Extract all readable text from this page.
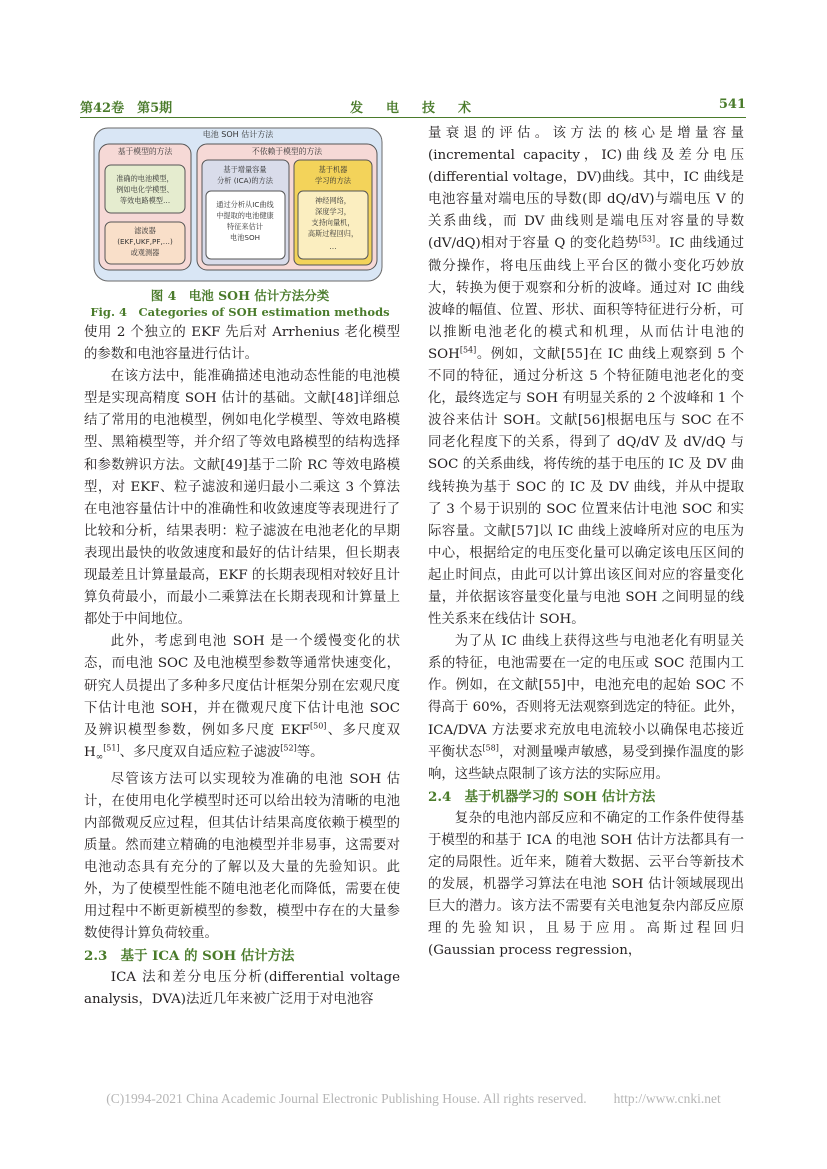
第42卷　第5期	发　电　技　术	541
电池 SOH 估计方法
基于模型的方法
准确的电池模型，
例如电化学模型、
等效电路模型…
滤波器
(EKF,UKF,PF,…)
或观测器
不依赖于模型的方法
基于增量容量
分析 (ICA)的方法
通过分析从IC曲线
中提取的电池健康
特征来估计
电池SOH
基于机器
学习的方法
神经网络，
深度学习，
支持向量机，
高斯过程回归，
…
图 4　电池 SOH 估计方法分类
Fig. 4　Categories of SOH estimation methods

使用 2 个独立的 EKF 先后对 Arrhenius 老化模型的参数和电池容量进行估计。

在该方法中，能准确描述电池动态性能的电池模型是实现高精度 SOH 估计的基础。文献[48]详细总结了常用的电池模型，例如电化学模型、等效电路模型、黑箱模型等，并介绍了等效电路模型的结构选择和参数辨识方法。文献[49]基于二阶 RC 等效电路模型，对 EKF、粒子滤波和递归最小二乘这 3 个算法在电池容量估计中的准确性和收敛速度等表现进行了比较和分析，结果表明：粒子滤波在电池老化的早期表现出最快的收敛速度和最好的估计结果，但长期表现最差且计算量最高，EKF 的长期表现相对较好且计算负荷最小，而最小二乘算法在长期表现和计算量上都处于中间地位。

此外，考虑到电池 SOH 是一个缓慢变化的状态，而电池 SOC 及电池模型参数等通常快速变化，研究人员提出了多种多尺度估计框架分别在宏观尺度下估计电池 SOH，并在微观尺度下估计电池 SOC 及辨识模型参数，例如多尺度 EKF[50]、多尺度双 $H_\infty[51]$、多尺度双自适应粒子滤波[52]等。

尽管该方法可以实现较为准确的电池 SOH 估计，在使用电化学模型时还可以给出较为清晰的电池内部微观反应过程，但其估计结果高度依赖于模型的质量。然而建立精确的电池模型并非易事，这需要对电池动态具有充分的了解以及大量的先验知识。此外，为了使模型性能不随电池老化而降低，需要在使用过程中不断更新模型的参数，模型中存在的大量参数使得计算负荷较重。

2.3　基于 ICA 的 SOH 估计方法

ICA 法和差分电压分析(differential voltage analysis，DVA)法近几年来被广泛用于对电池容

量衰退的评估。该方法的核心是增量容量(incremental capacity，IC)曲线及差分电压(differential voltage，DV)曲线。其中，IC 曲线是电池容量对端电压的导数(即 dQ/dV)与端电压 V 的关系曲线，而 DV 曲线则是端电压对容量的导数(dV/dQ)相对于容量 Q 的变化趋势[53]。IC 曲线通过微分操作，将电压曲线上平台区的微小变化巧妙放大，转换为便于观察和分析的波峰。通过对 IC 曲线波峰的幅值、位置、形状、面积等特征进行分析，可以推断电池老化的模式和机理，从而估计电池的 SOH[54]。例如，文献[55]在 IC 曲线上观察到 5 个不同的特征，通过分析这 5 个特征随电池老化的变化，最终选定与 SOH 有明显关系的 2 个波峰和 1 个波谷来估计 SOH。文献[56]根据电压与 SOC 在不同老化程度下的关系，得到了 dQ/dV 及 dV/dQ 与 SOC 的关系曲线，将传统的基于电压的 IC 及 DV 曲线转换为基于 SOC 的 IC 及 DV 曲线，并从中提取了 3 个易于识别的 SOC 位置来估计电池 SOC 和实际容量。文献[57]以 IC 曲线上波峰所对应的电压为中心，根据给定的电压变化量可以确定该电压区间的起止时间点，由此可以计算出该区间对应的容量变化量，并依据该容量变化量与电池 SOH 之间明显的线性关系来在线估计 SOH。

为了从 IC 曲线上获得这些与电池老化有明显关系的特征，电池需要在一定的电压或 SOC 范围内工作。例如，在文献[55]中，电池充电的起始 SOC 不得高于 60%，否则将无法观察到选定的特征。此外，ICA/DVA 方法要求充放电电流较小以确保电芯接近平衡状态[58]，对测量噪声敏感，易受到操作温度的影响，这些缺点限制了该方法的实际应用。

2.4　基于机器学习的 SOH 估计方法

复杂的电池内部反应和不确定的工作条件使得基于模型的和基于 ICA 的电池 SOH 估计方法都具有一定的局限性。近年来，随着大数据、云平台等新技术的发展，机器学习算法在电池 SOH 估计领域展现出巨大的潜力。该方法不需要有关电池复杂内部反应原理的先验知识，且易于应用。高斯过程回归(Gaussian process regression，

(C)1994-2021 China Academic Journal Electronic Publishing House. All rights reserved.　　http://www.cnki.net
